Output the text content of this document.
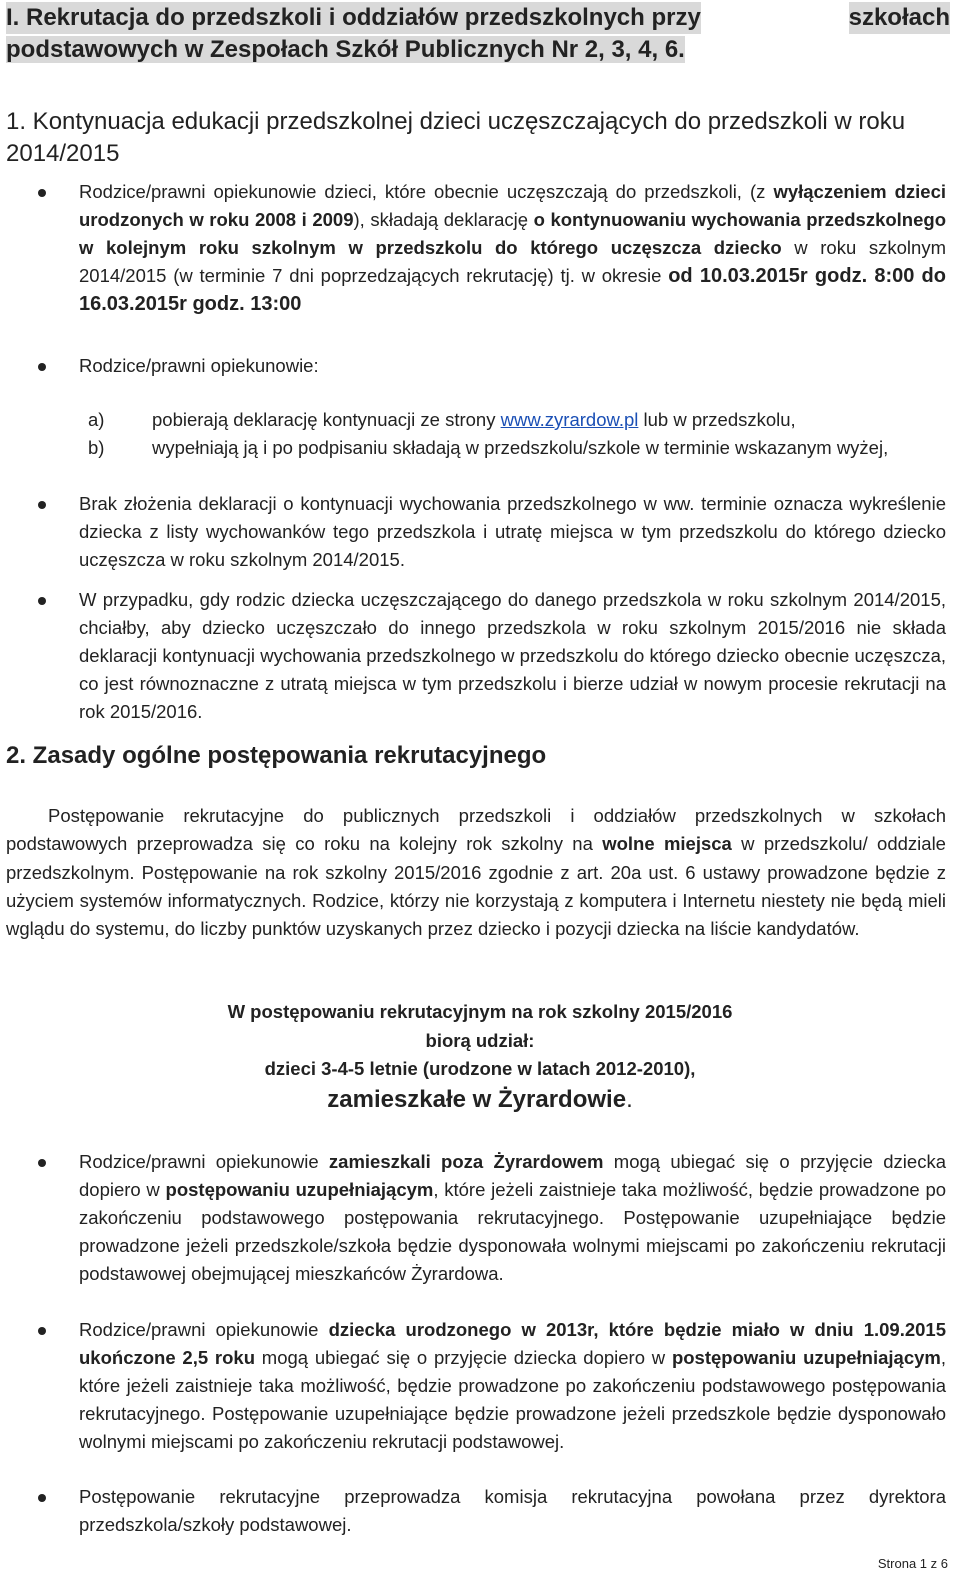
I. Rekrutacja do przedszkoli i oddziałów przedszkolnych przy	szkołach
podstawowych w Zespołach Szkół Publicznych Nr 2, 3, 4, 6.
1. Kontynuacja edukacji przedszkolnej dzieci uczęszczających do przedszkoli w roku 2014/2015
Rodzice/prawni opiekunowie dzieci, które obecnie uczęszczają do przedszkoli, (z wyłączeniem dzieci urodzonych w roku 2008 i 2009), składają deklarację o kontynuowaniu wychowania przedszkolnego w kolejnym roku szkolnym w przedszkolu do którego uczęszcza dziecko w roku szkolnym 2014/2015 (w terminie 7 dni poprzedzających rekrutację) tj. w okresie od 10.03.2015r godz. 8:00 do 16.03.2015r godz. 13:00
Rodzice/prawni opiekunowie:
a)	pobierają deklarację kontynuacji ze strony www.zyrardow.pl lub w przedszkolu,
b)	wypełniają ją i po podpisaniu składają w przedszkolu/szkole w terminie wskazanym wyżej,
Brak złożenia deklaracji o kontynuacji wychowania przedszkolnego w ww. terminie oznacza wykreślenie dziecka z listy wychowanków tego przedszkola i utratę miejsca w tym przedszkolu do którego dziecko uczęszcza w roku szkolnym 2014/2015.
W przypadku, gdy rodzic dziecka uczęszczającego do danego przedszkola w roku szkolnym 2014/2015, chciałby, aby dziecko uczęszczało do innego przedszkola w roku szkolnym 2015/2016 nie składa deklaracji kontynuacji wychowania przedszkolnego w przedszkolu do którego dziecko obecnie uczęszcza, co jest równoznaczne z utratą miejsca w tym przedszkolu i bierze udział w nowym procesie rekrutacji na rok 2015/2016.
2. Zasady ogólne postępowania rekrutacyjnego
Postępowanie rekrutacyjne do publicznych przedszkoli i oddziałów przedszkolnych w szkołach podstawowych przeprowadza się co roku na kolejny rok szkolny na wolne miejsca w przedszkolu/ oddziale przedszkolnym. Postępowanie na rok szkolny 2015/2016 zgodnie z art. 20a ust. 6 ustawy prowadzone będzie z użyciem systemów informatycznych. Rodzice, którzy nie korzystają z komputera i Internetu niestety nie będą mieli wglądu do systemu, do liczby punktów uzyskanych przez dziecko i pozycji dziecka na liście kandydatów.
W postępowaniu rekrutacyjnym na rok szkolny 2015/2016
biorą udział:
dzieci 3-4-5 letnie (urodzone w latach 2012-2010),
zamieszkałe w Żyrardowie.
Rodzice/prawni opiekunowie zamieszkali poza Żyrardowem mogą ubiegać się o przyjęcie dziecka dopiero w postępowaniu uzupełniającym, które jeżeli zaistnieje taka możliwość, będzie prowadzone po zakończeniu podstawowego postępowania rekrutacyjnego. Postępowanie uzupełniające będzie prowadzone jeżeli przedszkole/szkoła będzie dysponowała wolnymi miejscami po zakończeniu rekrutacji podstawowej obejmującej mieszkańców Żyrardowa.
Rodzice/prawni opiekunowie dziecka urodzonego w 2013r, które będzie miało w dniu 1.09.2015 ukończone 2,5 roku mogą ubiegać się o przyjęcie dziecka dopiero w postępowaniu uzupełniającym, które jeżeli zaistnieje taka możliwość, będzie prowadzone po zakończeniu podstawowego postępowania rekrutacyjnego. Postępowanie uzupełniające będzie prowadzone jeżeli przedszkole będzie dysponowało wolnymi miejscami po zakończeniu rekrutacji podstawowej.
Postępowanie rekrutacyjne przeprowadza komisja rekrutacyjna powołana przez dyrektora przedszkola/szkoły podstawowej.
Strona 1 z 6
